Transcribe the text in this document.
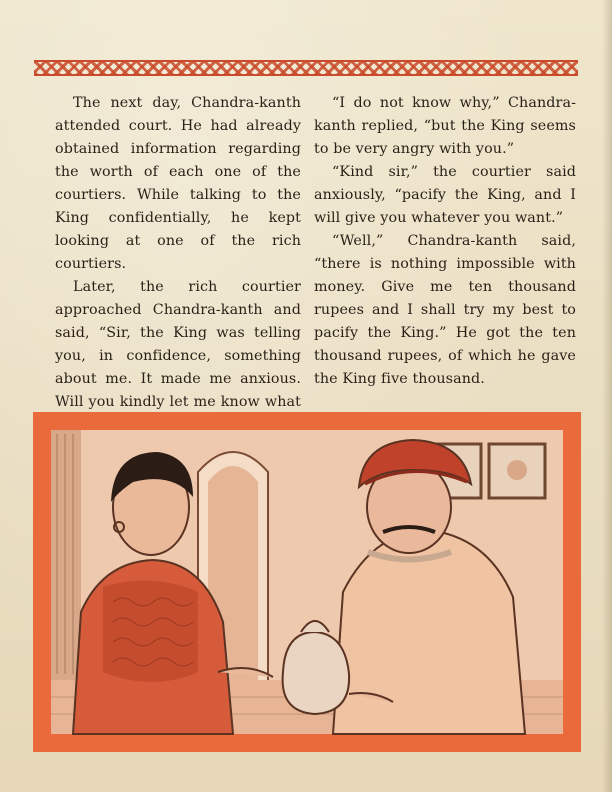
The next day, Chandra-kanth attended court. He had already obtained information regarding the worth of each one of the courtiers. While talking to the King confidentially, he kept looking at one of the rich courtiers.

Later, the rich courtier approached Chandra-kanth and said, “Sir, the King was telling you, in confidence, something about me. It made me anxious. Will you kindly let me know what

“I do not know why,” Chandra-kanth replied, “but the King seems to be very angry with you.”

“Kind sir,” the courtier said anxiously, “pacify the King, and I will give you whatever you want.”

“Well,” Chandra-kanth said, “there is nothing impossible with money. Give me ten thousand rupees and I shall try my best to pacify the King.” He got the ten thousand rupees, of which he gave the King five thousand.
